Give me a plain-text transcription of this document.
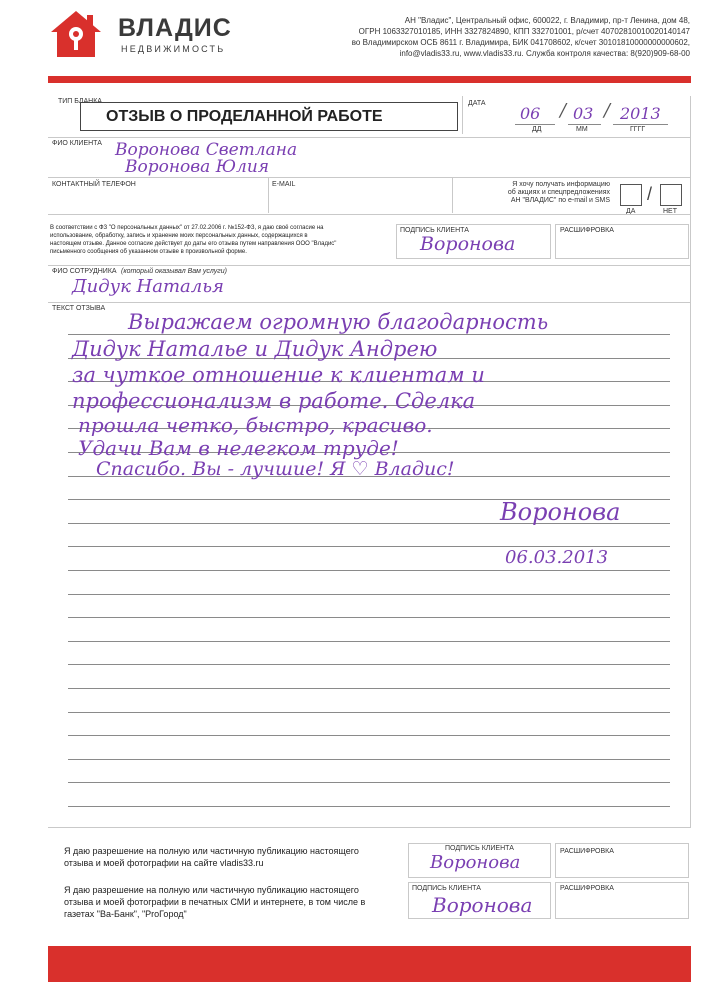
ВЛАДИС
НЕДВИЖИМОСТЬ
АН "Владис", Центральный офис, 600022, г. Владимир, пр-т Ленина, дом 48,
ОГРН 1063327010185, ИНН 3327824890, КПП 332701001, р/счет 40702810010020140147
во Владимирском ОСБ 8611 г. Владимира, БИК 041708602, к/счет 30101810000000000602,
info@vladis33.ru, www.vladis33.ru. Служба контроля качества: 8(920)909-68-00
ТИП БЛАНКА
ОТЗЫВ О ПРОДЕЛАННОЙ РАБОТЕ
ДАТА
06 / 03 / 2013
ДД	ММ	ГГГГ
ФИО КЛИЕНТА Воронова Светлана
Воронова Юлия
КОНТАКТНЫЙ ТЕЛЕФОН	E-MAIL	Я хочу получать информацию
об акциях и спецпредложениях
АН "ВЛАДИС" по e-mail и SMS /
ДА	НЕТ
В соответствии с ФЗ "О персональных данных" от 27.02.2006 г. №152-ФЗ, я даю своё согласие на
использование, обработку, запись и хранение моих персональных данных, содержащихся в
настоящем отзыве. Данное согласие действует до даты его отзыва путем направления ООО "Владис"
письменного сообщения об указанном отзыве в произвольной форме.
ПОДПИСЬ КЛИЕНТА
Воронова
РАСШИФРОВКА
ФИО СОТРУДНИКА (который оказывал Вам услуги)
Дидук Наталья
ТЕКСТ ОТЗЫВА
Выражаем огромную благодарность
Дидук Наталье и Дидук Андрею
за чуткое отношение к клиентам и
профессионализм в работе. Сделка
прошла четко, быстро, красиво.
Удачи Вам в нелегком труде!
Спасибо. Вы - лучшие! Я ♡ Владис!
Воронова
06.03.2013
Я даю разрешение на полную или частичную публикацию настоящего
отзыва и моей фотографии на сайте vladis33.ru
ПОДПИСЬ КЛИЕНТА
Воронова
РАСШИФРОВКА
Я даю разрешение на полную или частичную публикацию настоящего
отзыва и моей фотографии в печатных СМИ и интернете, в том числе в
газетах "Ва-Банк", "ProГород"
ПОДПИСЬ КЛИЕНТА
Воронова
РАСШИФРОВКА
